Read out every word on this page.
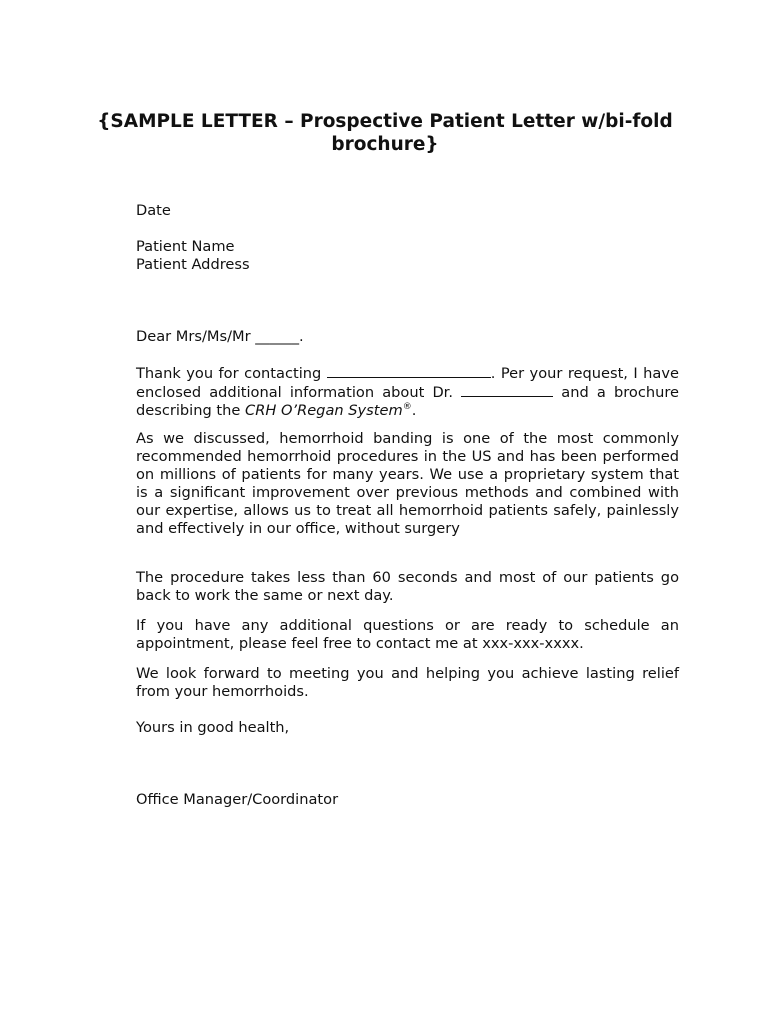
{SAMPLE LETTER – Prospective Patient Letter w/bi-fold
brochure}
Date
Patient Name
Patient Address
Dear Mrs/Ms/Mr ______.
Thank you for contacting	. Per your request, I have enclosed additional information about Dr.	and a brochure describing the CRH O’Regan System®.
As we discussed, hemorrhoid banding is one of the most commonly recommended hemorrhoid procedures in the US and has been performed on millions of patients for many years. We use a proprietary system that is a significant improvement over previous methods and combined with our expertise, allows us to treat all hemorrhoid patients safely, painlessly and effectively in our office, without surgery
The procedure takes less than 60 seconds and most of our patients go back to work the same or next day.
If you have any additional questions or are ready to schedule an appointment, please feel free to contact me at xxx-xxx-xxxx.
We look forward to meeting you and helping you achieve lasting relief from your hemorrhoids.
Yours in good health,
Office Manager/Coordinator
